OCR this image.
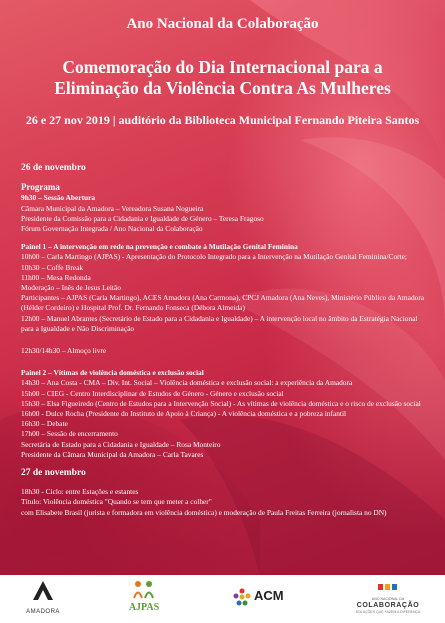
Ano Nacional da Colaboração
Comemoração do Dia Internacional para a
Eliminação da Violência Contra As Mulheres
26 e 27 nov 2019 | auditório da Biblioteca Municipal Fernando Piteira Santos
26 de novembro
Programa
9h30 – Sessão Abertura
Câmara Municipal da Amadora – Vereadora Susana Nogueira
Presidente da Comissão para a Cidadania e Igualdade de Género – Teresa Fragoso
Fórum Governação Integrada / Ano Nacional da Colaboração
Painel 1 – A intervenção em rede na prevenção e combate à Mutilação Genital Feminina
10h00 – Carla Martingo (AJPAS) - Apresentação do Protocolo Integrado para a Intervenção na Mutilação Genital Feminina/Corte;
10h30 – Coffe Break
11h00 – Mesa Redonda
Moderação – Inês de Jesus Leitão
Participantes – AJPAS (Carla Martingo), ACES Amadora (Ana Carmona), CPCJ Amadora (Ana Neves), Ministério Público da Amadora (Hélder Cordeiro) e Hospital Prof. Dr. Fernando Fonseca (Débora Almeida)
12h00 – Manuel Abrantes (Secretário de Estado para a Cidadania e Igualdade) – A intervenção local no âmbito da Estratégia Nacional para a Igualdade e Não Discriminação
12h30/14h30 – Almoço livre
Painel 2 – Vítimas de violência doméstica e exclusão social
14h30 – Ana Costa - CMA – Div. Int. Social – Violência doméstica e exclusão social: a experiência da Amadora
15h00 – CIEG - Centro Interdisciplinar de Estudos de Género - Género e exclusão social
15h30 – Elsa Figueiredo (Centro de Estudos para a Intervenção Social) - As vítimas de violência doméstica e o risco de exclusão social
16h00 - Dulce Rocha (Presidente do Instituto de Apoio à Criança) - A violência doméstica e a pobreza infantil
16h30 – Debate
17h00 – Sessão de encerramento
Secretária de Estado para a Cidadania e Igualdade – Rosa Monteiro
Presidente da Câmara Municipal da Amadora – Carla Tavares
27 de novembro
18h30 - Ciclo: entre Estações e estantes
Título: Violência doméstica "Quando se tem que meter a colher"
com Elisabete Brasil (jurista e formadora em violência doméstica) e moderação de Paula Freitas Ferreira (jornalista no DN)
AMADORA	AJPAS
ACM	ANO NACIONAL DA
COLABORAÇÃO
SOLUÇÕES QUE FAZEM A DIFERENÇA
